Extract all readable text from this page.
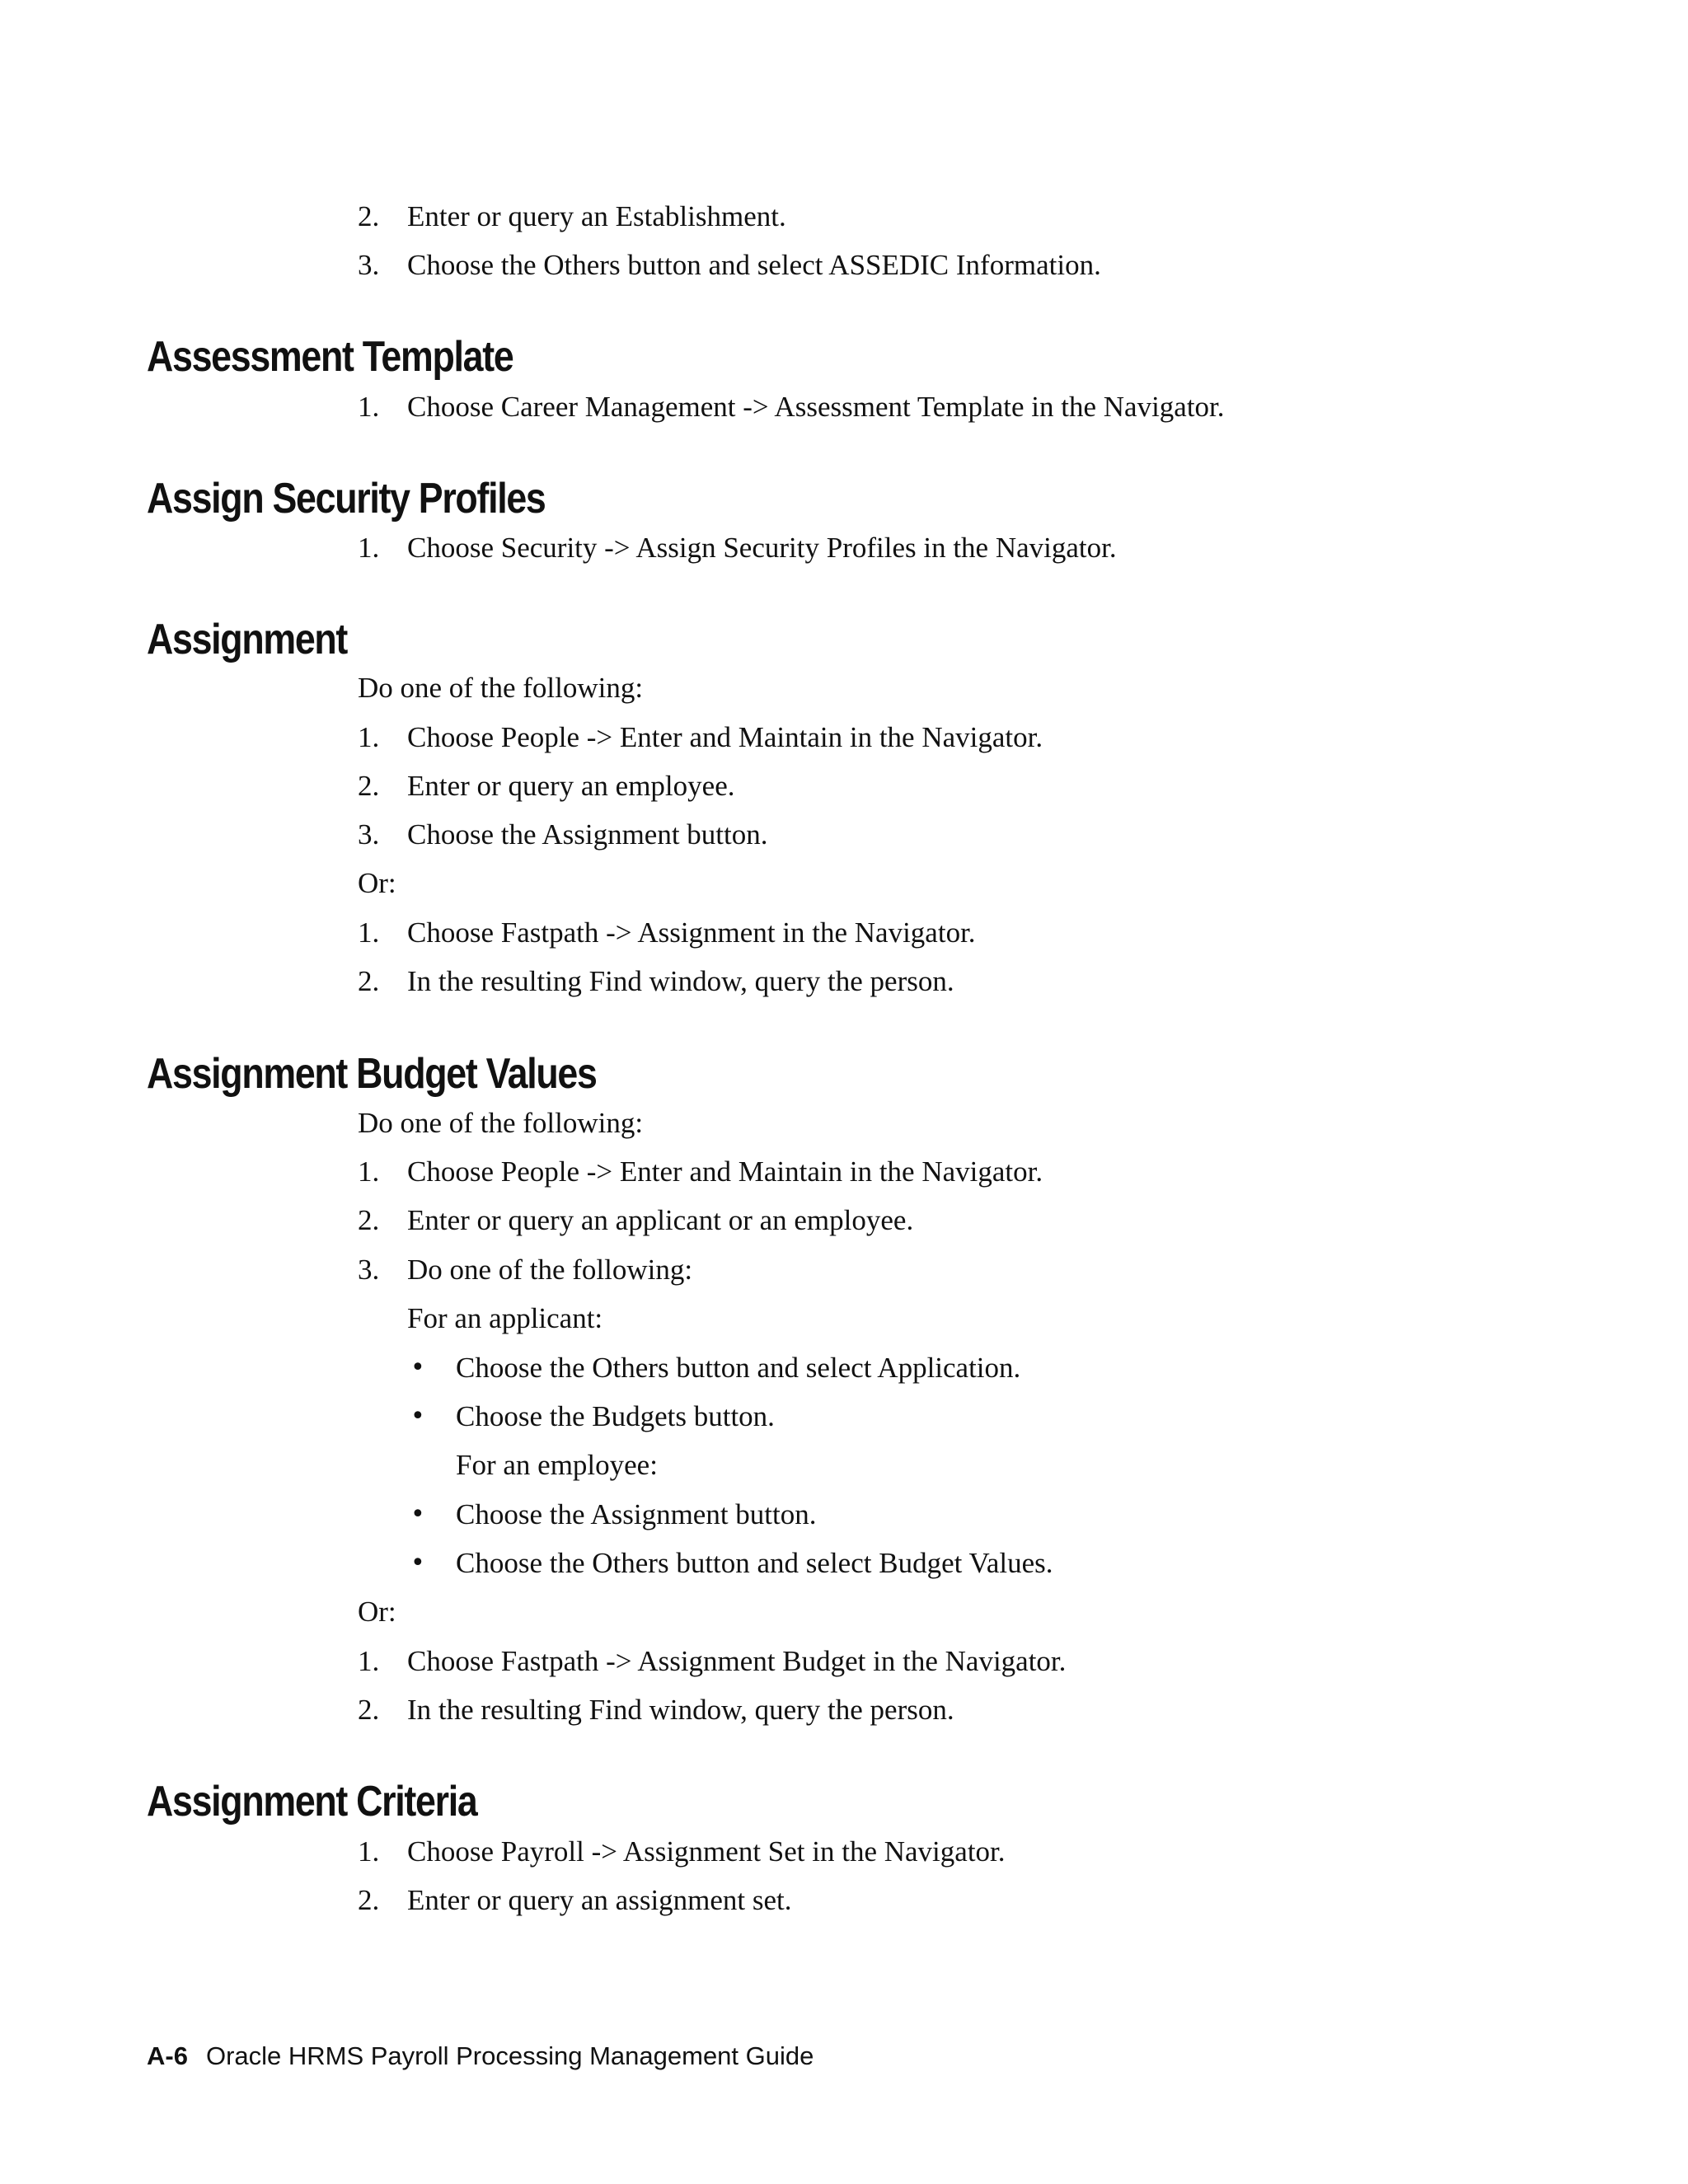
2. Enter or query an Establishment.
3. Choose the Others button and select ASSEDIC Information.
Assessment Template
1. Choose Career Management -> Assessment Template in the Navigator.
Assign Security Profiles
1. Choose Security -> Assign Security Profiles in the Navigator.
Assignment
Do one of the following:
1. Choose People -> Enter and Maintain in the Navigator.
2. Enter or query an employee.
3. Choose the Assignment button.
Or:
1. Choose Fastpath -> Assignment in the Navigator.
2. In the resulting Find window, query the person.
Assignment Budget Values
Do one of the following:
1. Choose People -> Enter and Maintain in the Navigator.
2. Enter or query an applicant or an employee.
3. Do one of the following:
For an applicant:
• Choose the Others button and select Application.
• Choose the Budgets button.
For an employee:
• Choose the Assignment button.
• Choose the Others button and select Budget Values.
Or:
1. Choose Fastpath -> Assignment Budget in the Navigator.
2. In the resulting Find window, query the person.
Assignment Criteria
1. Choose Payroll -> Assignment Set in the Navigator.
2. Enter or query an assignment set.
A-6 Oracle HRMS Payroll Processing Management Guide
